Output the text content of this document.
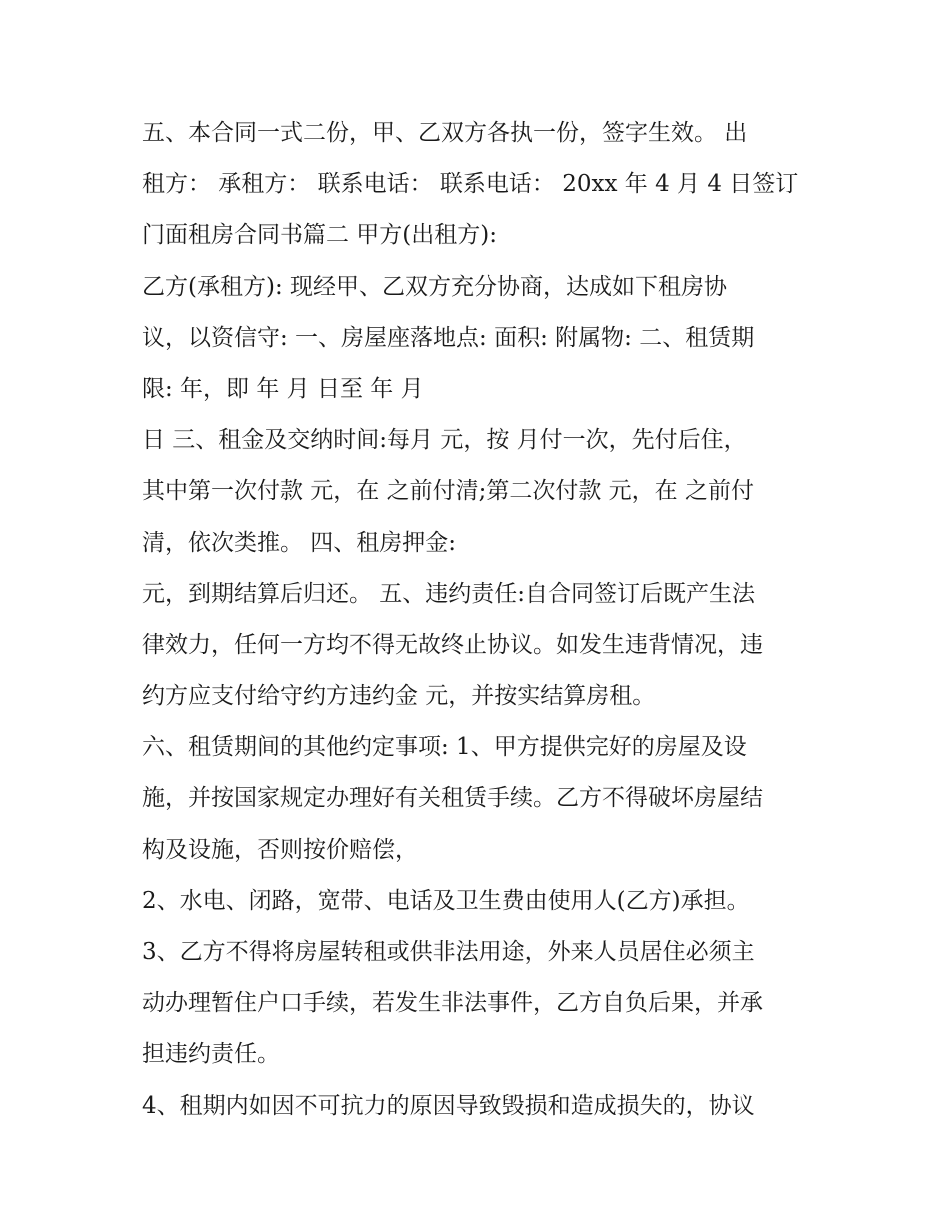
五、本合同一式二份，甲、乙双方各执一份，签字生效。 出
租方： 承租方： 联系电话： 联系电话： 20xx 年 4 月 4 日签订
门面租房合同书篇二 甲方(出租方):
乙方(承租方): 现经甲、乙双方充分协商，达成如下租房协
议，以资信守: 一、房屋座落地点: 面积: 附属物: 二、租赁期
限: 年，即 年 月 日至 年 月
日 三、租金及交纳时间:每月 元，按 月付一次，先付后住，
其中第一次付款 元，在 之前付清;第二次付款 元，在 之前付
清，依次类推。 四、租房押金:
元，到期结算后归还。 五、违约责任:自合同签订后既产生法
律效力，任何一方均不得无故终止协议。如发生违背情况，违
约方应支付给守约方违约金 元，并按实结算房租。
六、租赁期间的其他约定事项: 1、甲方提供完好的房屋及设
施，并按国家规定办理好有关租赁手续。乙方不得破坏房屋结
构及设施，否则按价赔偿，
2、水电、闭路，宽带、电话及卫生费由使用人(乙方)承担。
3、乙方不得将房屋转租或供非法用途，外来人员居住必须主
动办理暂住户口手续，若发生非法事件，乙方自负后果，并承
担违约责任。
4、租期内如因不可抗力的原因导致毁损和造成损失的，协议
